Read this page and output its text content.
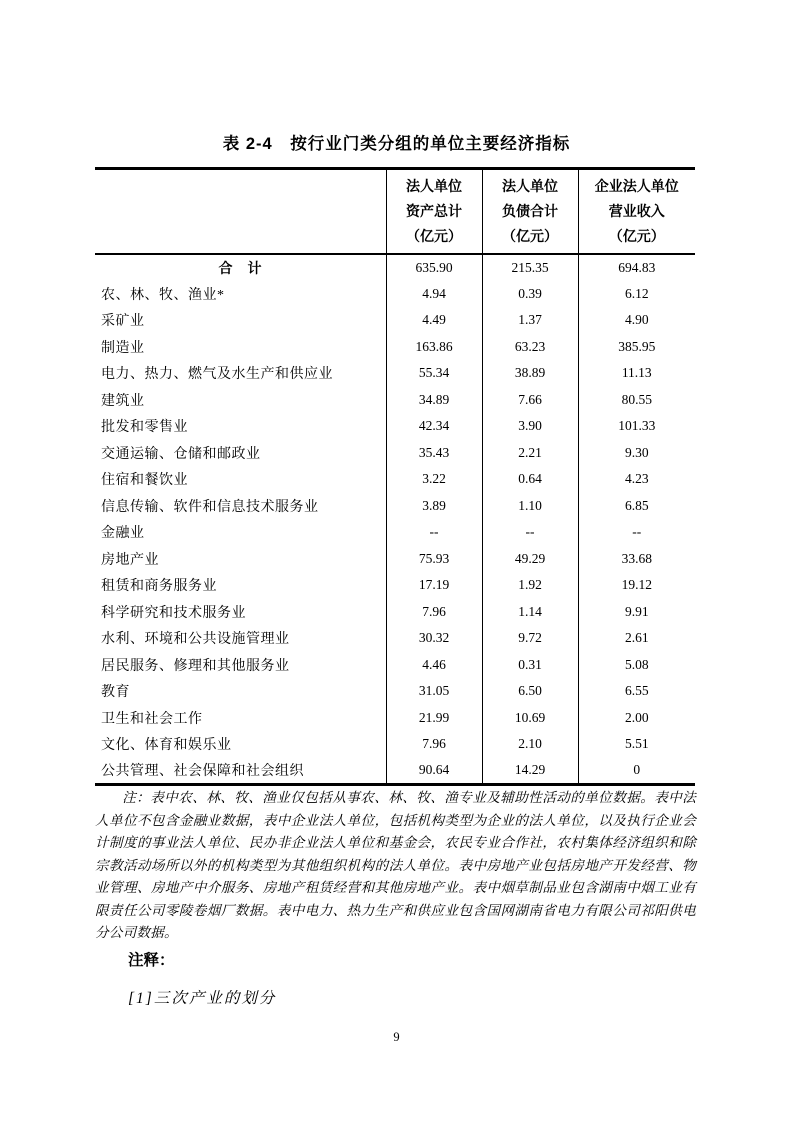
表 2-4　按行业门类分组的单位主要经济指标

法人单位
资产总计
（亿元）

法人单位
负债合计
（亿元）

企业法人单位
营业收入
（亿元）

合　计	635.90	215.35	694.83
农、林、牧、渔业*	4.94	0.39	6.12
采矿业	4.49	1.37	4.90
制造业	163.86	63.23	385.95
电力、热力、燃气及水生产和供应业	55.34	38.89	11.13
建筑业	34.89	7.66	80.55
批发和零售业	42.34	3.90	101.33
交通运输、仓储和邮政业	35.43	2.21	9.30
住宿和餐饮业	3.22	0.64	4.23
信息传输、软件和信息技术服务业	3.89	1.10	6.85
金融业	--	--	--
房地产业	75.93	49.29	33.68
租赁和商务服务业	17.19	1.92	19.12
科学研究和技术服务业	7.96	1.14	9.91
水利、环境和公共设施管理业	30.32	9.72	2.61
居民服务、修理和其他服务业	4.46	0.31	5.08
教育	31.05	6.50	6.55
卫生和社会工作	21.99	10.69	2.00
文化、体育和娱乐业	7.96	2.10	5.51
公共管理、社会保障和社会组织	90.64	14.29	0

注：表中农、林、牧、渔业仅包括从事农、林、牧、渔专业及辅助性活动的单位数据。表中法人单位不包含金融业数据，表中企业法人单位，包括机构类型为企业的法人单位，以及执行企业会计制度的事业法人单位、民办非企业法人单位和基金会，农民专业合作社，农村集体经济组织和除宗教活动场所以外的机构类型为其他组织机构的法人单位。表中房地产业包括房地产开发经营、物业管理、房地产中介服务、房地产租赁经营和其他房地产业。表中烟草制品业包含湖南中烟工业有限责任公司零陵卷烟厂数据。表中电力、热力生产和供应业包含国网湖南省电力有限公司祁阳供电分公司数据。

注释：
[1]三次产业的划分
9
